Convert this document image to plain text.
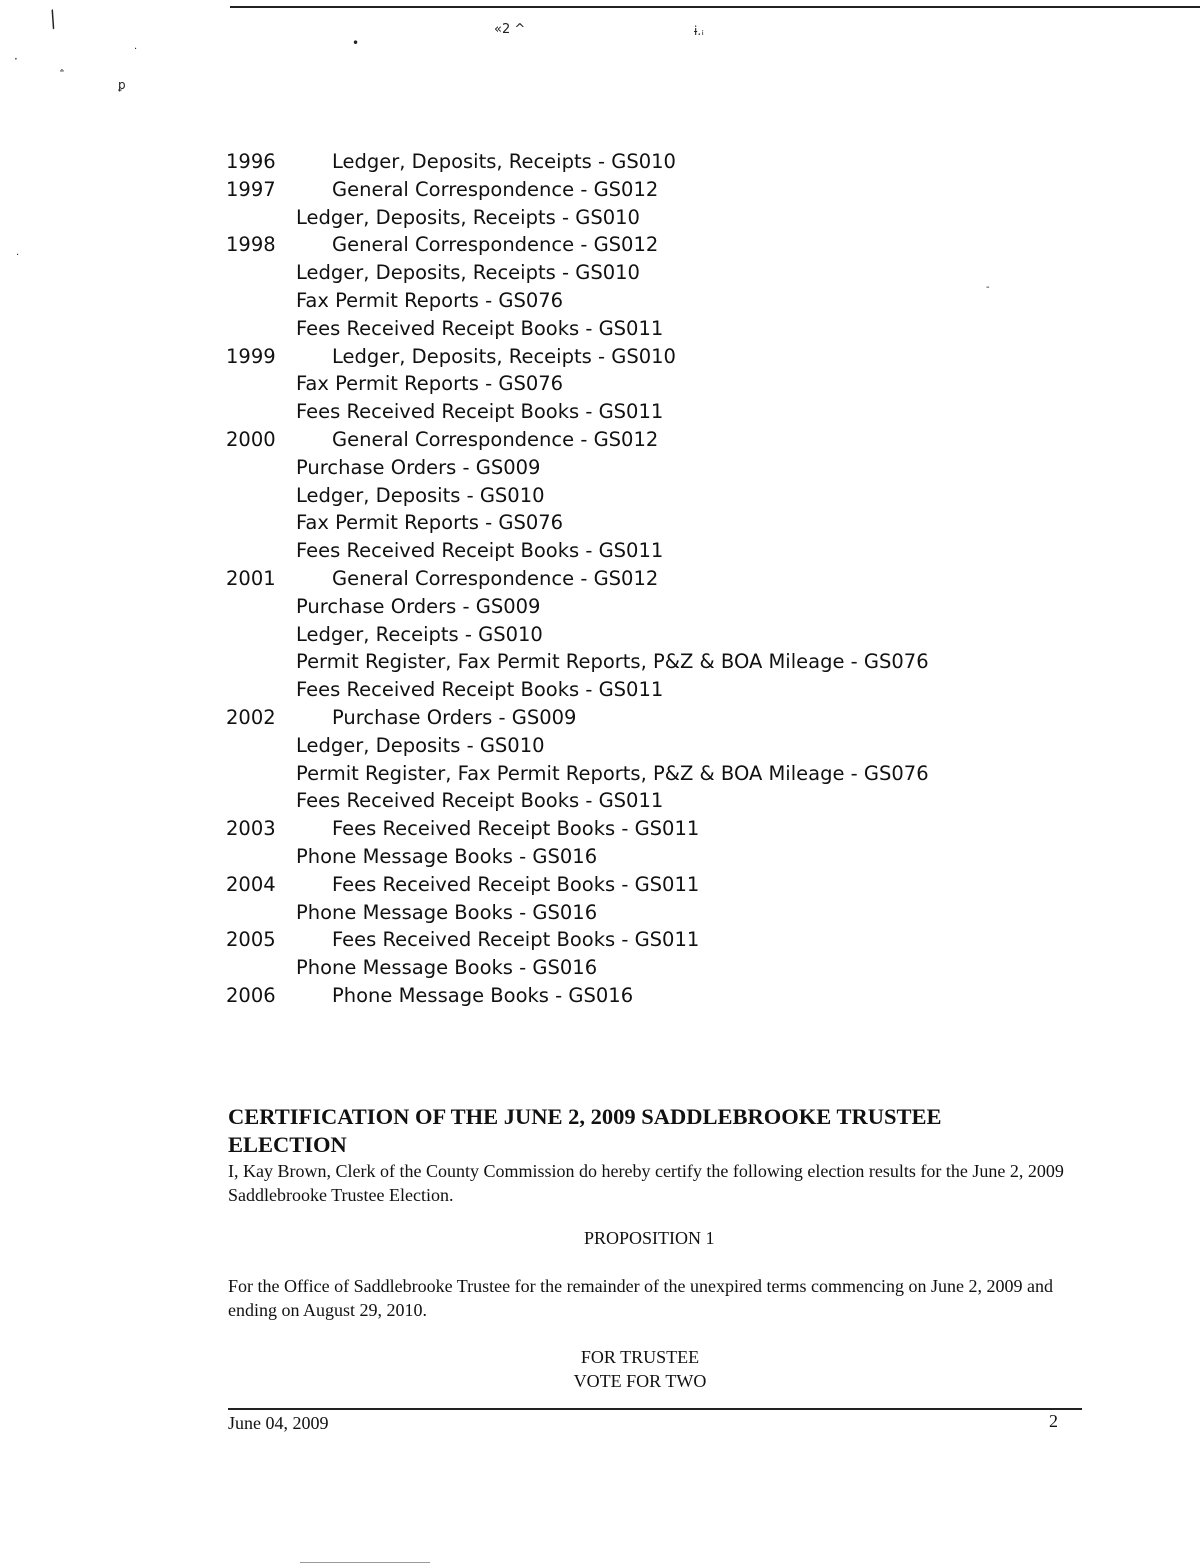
⁄
·
ꝑ
·	•
«2 ^	ɨ.ꜟ
·
-
1996	Ledger, Deposits, Receipts - GS010
1997	General Correspondence - GS012
Ledger, Deposits, Receipts - GS010
1998	General Correspondence - GS012
Ledger, Deposits, Receipts - GS010
Fax Permit Reports - GS076
Fees Received Receipt Books - GS011
1999	Ledger, Deposits, Receipts - GS010
Fax Permit Reports - GS076
Fees Received Receipt Books - GS011
2000	General Correspondence - GS012
Purchase Orders - GS009
Ledger, Deposits - GS010
Fax Permit Reports - GS076
Fees Received Receipt Books - GS011
2001	General Correspondence - GS012
Purchase Orders - GS009
Ledger, Receipts - GS010
Permit Register, Fax Permit Reports, P&Z & BOA Mileage - GS076
Fees Received Receipt Books - GS011
2002	Purchase Orders - GS009
Ledger, Deposits - GS010
Permit Register, Fax Permit Reports, P&Z & BOA Mileage - GS076
Fees Received Receipt Books - GS011
2003	Fees Received Receipt Books - GS011
Phone Message Books - GS016
2004	Fees Received Receipt Books - GS011
Phone Message Books - GS016
2005	Fees Received Receipt Books - GS011
Phone Message Books - GS016
2006	Phone Message Books - GS016

CERTIFICATION OF THE JUNE 2, 2009 SADDLEBROOKE TRUSTEE

ELECTION

I, Kay Brown, Clerk of the County Commission do hereby certify the following election results for the June 2, 2009 Saddlebrooke Trustee Election.

PROPOSITION 1
For the Office of Saddlebrooke Trustee for the remainder of the unexpired terms commencing on June 2, 2009 and ending on August 29, 2010.
FOR TRUSTEE
VOTE FOR TWO
June 04, 2009	2
